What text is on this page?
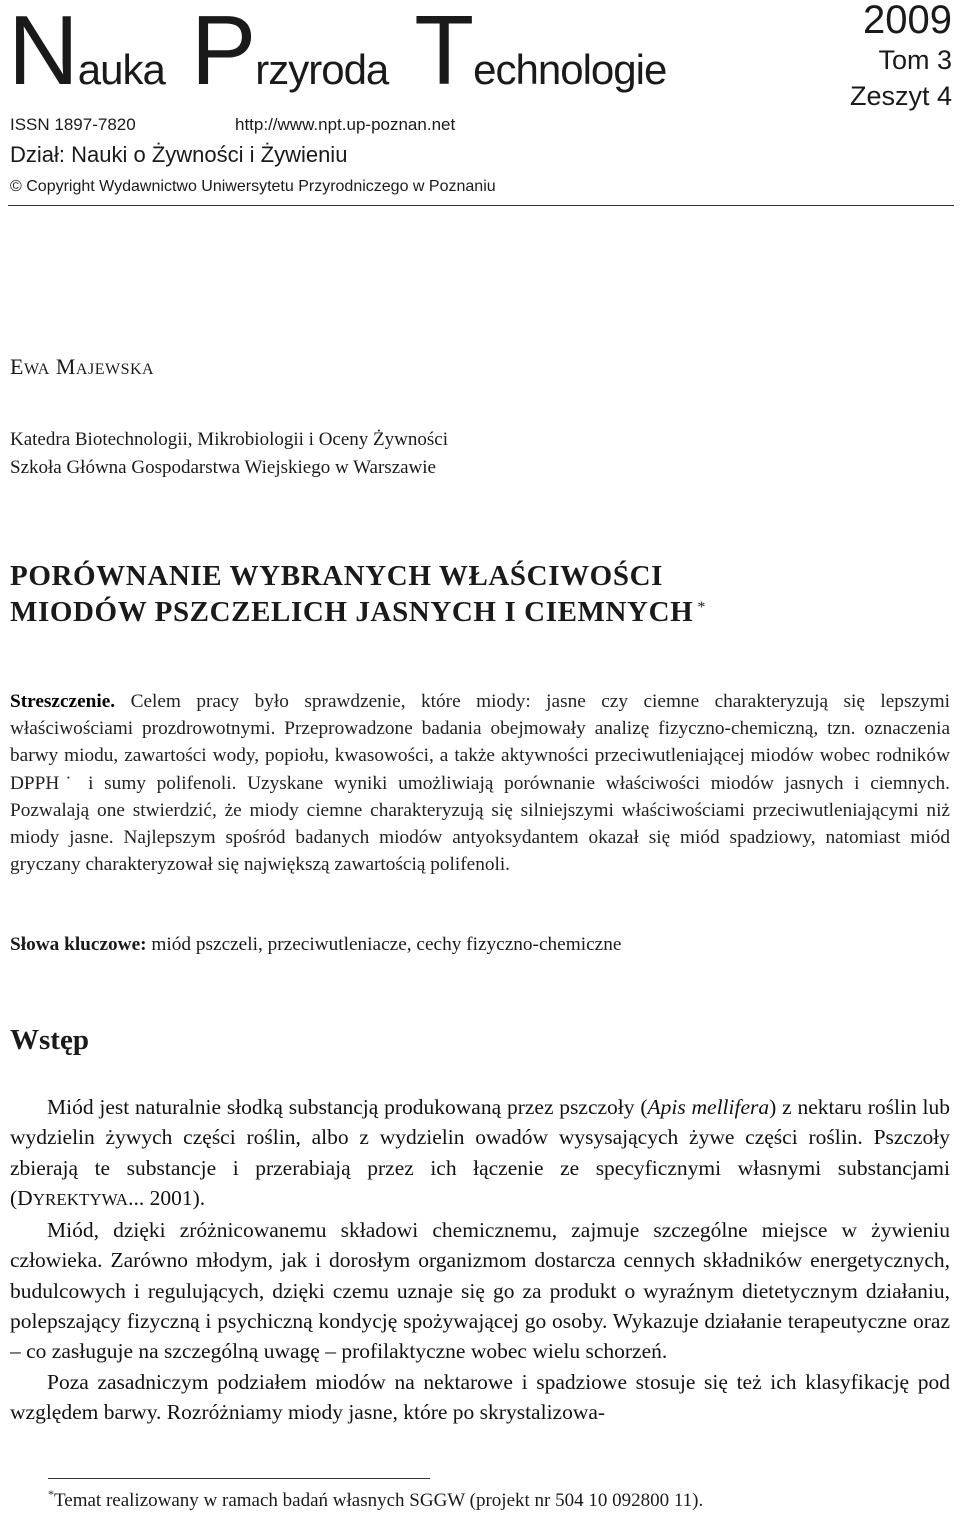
Nauka Przyroda Technologie
2009
Tom 3
Zeszyt 4
ISSN 1897-7820	http://www.npt.up-poznan.net
Dział: Nauki o Żywności i Żywieniu
© Copyright Wydawnictwo Uniwersytetu Przyrodniczego w Poznaniu
EWA MAJEWSKA
Katedra Biotechnologii, Mikrobiologii i Oceny Żywności
Szkoła Główna Gospodarstwa Wiejskiego w Warszawie
PORÓWNANIE WYBRANYCH WŁAŚCIWOŚCI
MIODÓW PSZCZELICH JASNYCH I CIEMNYCH *
Streszczenie. Celem pracy było sprawdzenie, które miody: jasne czy ciemne charakteryzują się lepszymi właściwościami prozdrowotnymi. Przeprowadzone badania obejmowały analizę fizyczno-chemiczną, tzn. oznaczenia barwy miodu, zawartości wody, popiołu, kwasowości, a także aktywności przeciwutleniającej miodów wobec rodników DPPH˙ i sumy polifenoli. Uzyskane wyniki umożliwiają porównanie właściwości miodów jasnych i ciemnych. Pozwalają one stwierdzić, że miody ciemne charakteryzują się silniejszymi właściwościami przeciwutleniającymi niż miody jasne. Najlepszym spośród badanych miodów antyoksydantem okazał się miód spadziowy, natomiast miód gryczany charakteryzował się największą zawartością polifenoli.
Słowa kluczowe: miód pszczeli, przeciwutleniacze, cechy fizyczno-chemiczne
Wstęp

Miód jest naturalnie słodką substancją produkowaną przez pszczoły (Apis mellifera) z nektaru roślin lub wydzielin żywych części roślin, albo z wydzielin owadów wysysających żywe części roślin. Pszczoły zbierają te substancje i przerabiają przez ich łączenie ze specyficznymi własnymi substancjami (DYREKTYWA... 2001).

Miód, dzięki zróżnicowanemu składowi chemicznemu, zajmuje szczególne miejsce w żywieniu człowieka. Zarówno młodym, jak i dorosłym organizmom dostarcza cennych składników energetycznych, budulcowych i regulujących, dzięki czemu uznaje się go za produkt o wyraźnym dietetycznym działaniu, polepszający fizyczną i psychiczną kondycję spożywającej go osoby. Wykazuje działanie terapeutyczne oraz – co zasługuje na szczególną uwagę – profilaktyczne wobec wielu schorzeń.

Poza zasadniczym podziałem miodów na nektarowe i spadziowe stosuje się też ich klasyfikację pod względem barwy. Rozróżniamy miody jasne, które po skrystalizowa-

*Temat realizowany w ramach badań własnych SGGW (projekt nr 504 10 092800 11).
